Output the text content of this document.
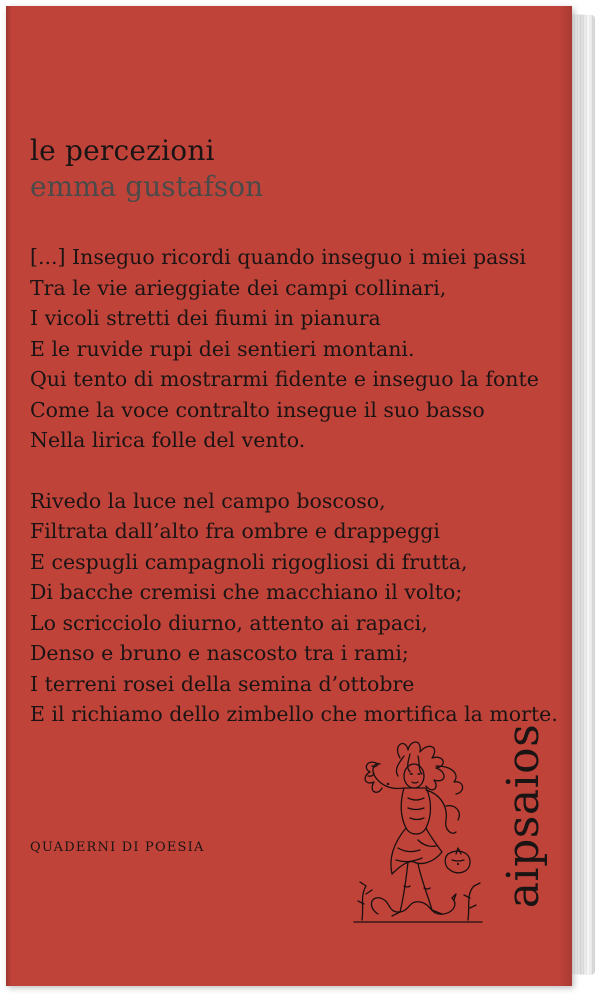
le percezioni
emma gustafson

[...] Inseguo ricordi quando inseguo i miei passi
Tra le vie arieggiate dei campi collinari,
I vicoli stretti dei fiumi in pianura
E le ruvide rupi dei sentieri montani.
Qui tento di mostrarmi fidente e inseguo la fonte
Come la voce contralto insegue il suo basso
Nella lirica folle del vento.

Rivedo la luce nel campo boscoso,
Filtrata dall’alto fra ombre e drappeggi
E cespugli campagnoli rigogliosi di frutta,
Di bacche cremisi che macchiano il volto;
Lo scricciolo diurno, attento ai rapaci,
Denso e bruno e nascosto tra i rami;
I terreni rosei della semina d’ottobre
E il richiamo dello zimbello che mortifica la morte.

QUADERNI DI POESIA	aipsaios
